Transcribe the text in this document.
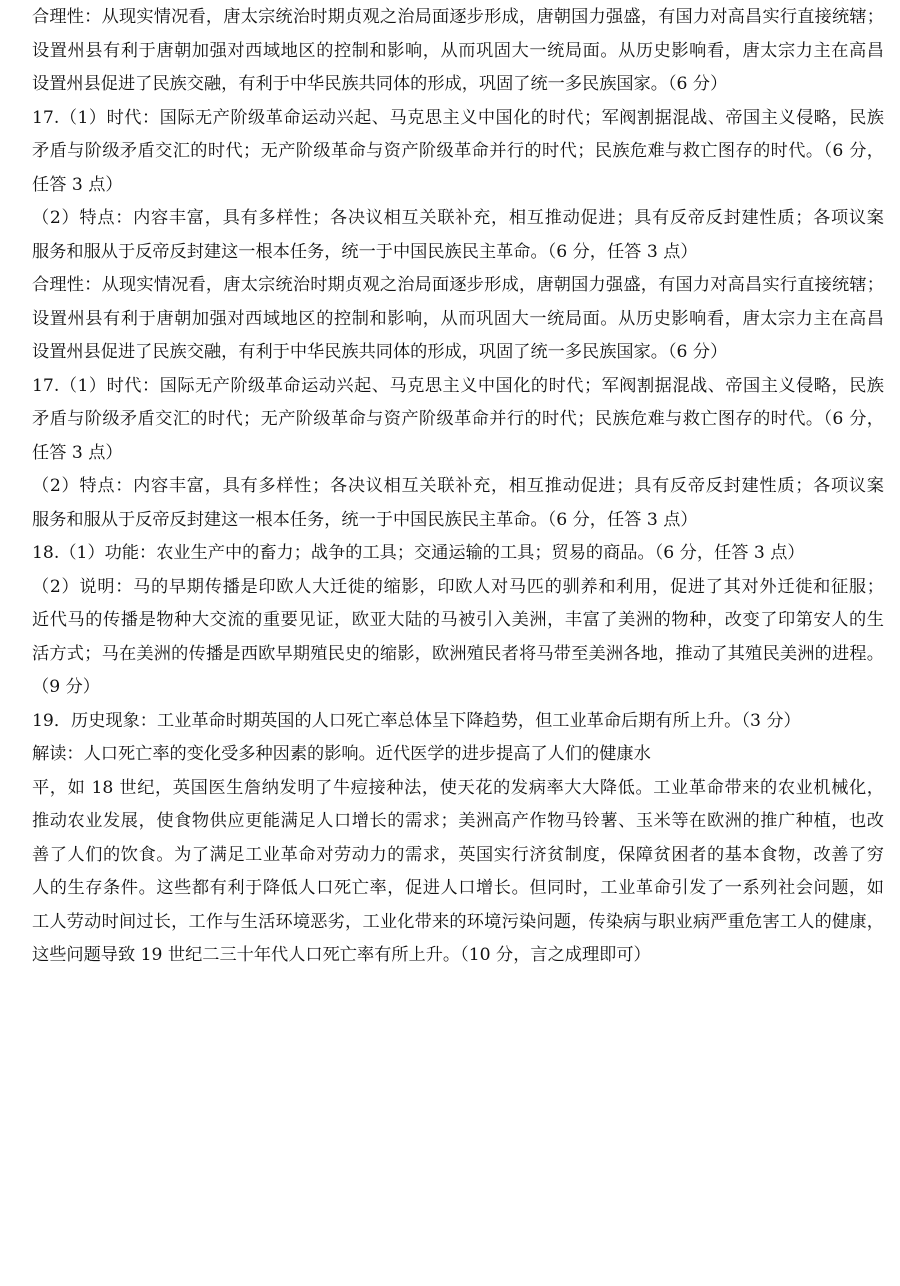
合理性：从现实情况看，唐太宗统治时期贞观之治局面逐步形成，唐朝国力强盛，有国力对高昌实行直接统辖；
设置州县有利于唐朝加强对西域地区的控制和影响，从而巩固大一统局面。从历史影响看，唐太宗力主在高昌
设置州县促进了民族交融，有利于中华民族共同体的形成，巩固了统一多民族国家。（6 分）
17.（1）时代：国际无产阶级革命运动兴起、马克思主义中国化的时代；军阀割据混战、帝国主义侵略，民族
矛盾与阶级矛盾交汇的时代；无产阶级革命与资产阶级革命并行的时代；民族危难与救亡图存的时代。（6 分，
任答 3 点）
（2）特点：内容丰富，具有多样性；各决议相互关联补充，相互推动促进；具有反帝反封建性质；各项议案
服务和服从于反帝反封建这一根本任务，统一于中国民族民主革命。（6 分，任答 3 点）
合理性：从现实情况看，唐太宗统治时期贞观之治局面逐步形成，唐朝国力强盛，有国力对高昌实行直接统辖；
设置州县有利于唐朝加强对西域地区的控制和影响，从而巩固大一统局面。从历史影响看，唐太宗力主在高昌
设置州县促进了民族交融，有利于中华民族共同体的形成，巩固了统一多民族国家。（6 分）
17.（1）时代：国际无产阶级革命运动兴起、马克思主义中国化的时代；军阀割据混战、帝国主义侵略，民族
矛盾与阶级矛盾交汇的时代；无产阶级革命与资产阶级革命并行的时代；民族危难与救亡图存的时代。（6 分，
任答 3 点）
（2）特点：内容丰富，具有多样性；各决议相互关联补充，相互推动促进；具有反帝反封建性质；各项议案
服务和服从于反帝反封建这一根本任务，统一于中国民族民主革命。（6 分，任答 3 点）
18.（1）功能：农业生产中的畜力；战争的工具；交通运输的工具；贸易的商品。（6 分，任答 3 点）
（2）说明：马的早期传播是印欧人大迁徙的缩影，印欧人对马匹的驯养和利用，促进了其对外迁徙和征服；
近代马的传播是物种大交流的重要见证，欧亚大陆的马被引入美洲，丰富了美洲的物种，改变了印第安人的生
活方式；马在美洲的传播是西欧早期殖民史的缩影，欧洲殖民者将马带至美洲各地，推动了其殖民美洲的进程。
（9 分）
19．历史现象：工业革命时期英国的人口死亡率总体呈下降趋势，但工业革命后期有所上升。（3 分）
解读：人口死亡率的变化受多种因素的影响。近代医学的进步提高了人们的健康水
平，如 18 世纪，英国医生詹纳发明了牛痘接种法，使天花的发病率大大降低。工业革命带来的农业机械化，
推动农业发展，使食物供应更能满足人口增长的需求；美洲高产作物马铃薯、玉米等在欧洲的推广种植，也改
善了人们的饮食。为了满足工业革命对劳动力的需求，英国实行济贫制度，保障贫困者的基本食物，改善了穷
人的生存条件。这些都有利于降低人口死亡率，促进人口增长。但同时，工业革命引发了一系列社会问题，如
工人劳动时间过长，工作与生活环境恶劣，工业化带来的环境污染问题，传染病与职业病严重危害工人的健康，
这些问题导致 19 世纪二三十年代人口死亡率有所上升。（10 分，言之成理即可）
